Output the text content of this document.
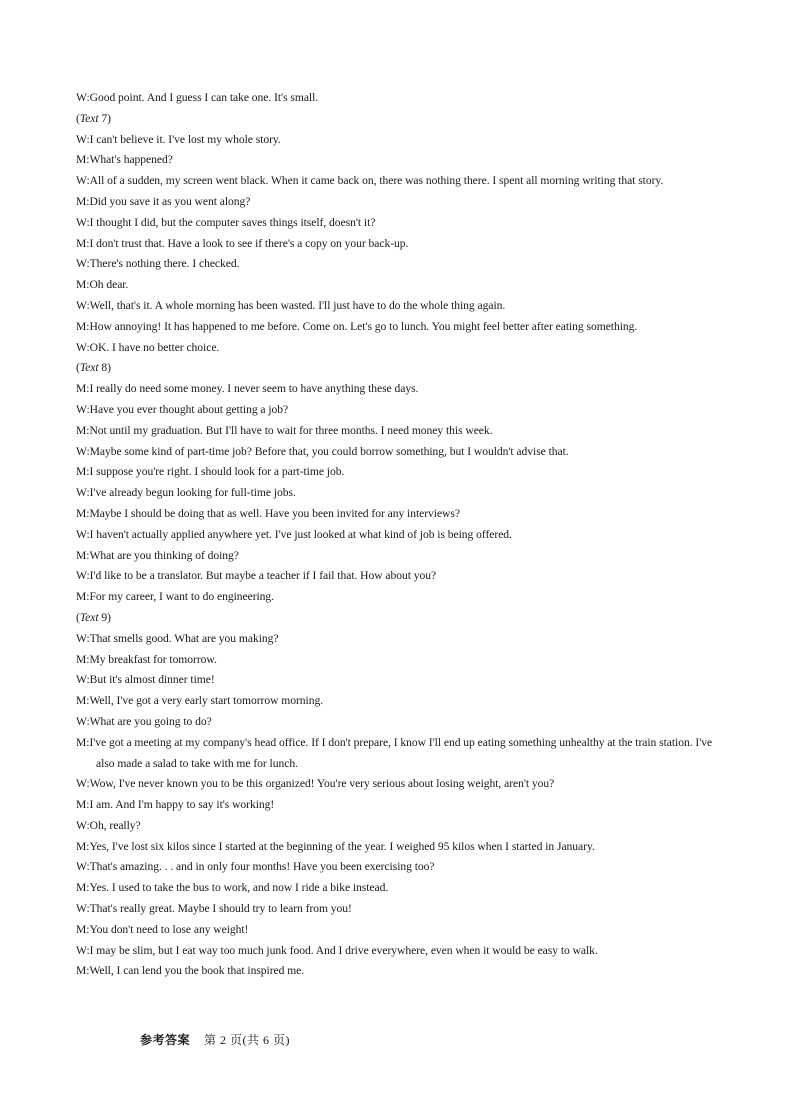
W:Good point. And I guess I can take one. It's small.
(Text 7)
W:I can't believe it. I've lost my whole story.
M:What's happened?
W:All of a sudden, my screen went black. When it came back on, there was nothing there. I spent all morning writing that story.
M:Did you save it as you went along?
W:I thought I did, but the computer saves things itself, doesn't it?
M:I don't trust that. Have a look to see if there's a copy on your back-up.
W:There's nothing there. I checked.
M:Oh dear.
W:Well, that's it. A whole morning has been wasted. I'll just have to do the whole thing again.
M:How annoying! It has happened to me before. Come on. Let's go to lunch. You might feel better after eating something.
W:OK. I have no better choice.
(Text 8)
M:I really do need some money. I never seem to have anything these days.
W:Have you ever thought about getting a job?
M:Not until my graduation. But I'll have to wait for three months. I need money this week.
W:Maybe some kind of part-time job? Before that, you could borrow something, but I wouldn't advise that.
M:I suppose you're right. I should look for a part-time job.
W:I've already begun looking for full-time jobs.
M:Maybe I should be doing that as well. Have you been invited for any interviews?
W:I haven't actually applied anywhere yet. I've just looked at what kind of job is being offered.
M:What are you thinking of doing?
W:I'd like to be a translator. But maybe a teacher if I fail that. How about you?
M:For my career, I want to do engineering.
(Text 9)
W:That smells good. What are you making?
M:My breakfast for tomorrow.
W:But it's almost dinner time!
M:Well, I've got a very early start tomorrow morning.
W:What are you going to do?
M:I've got a meeting at my company's head office. If I don't prepare, I know I'll end up eating something unhealthy at the train station. I've also made a salad to take with me for lunch.
W:Wow, I've never known you to be this organized! You're very serious about losing weight, aren't you?
M:I am. And I'm happy to say it's working!
W:Oh, really?
M:Yes, I've lost six kilos since I started at the beginning of the year. I weighed 95 kilos when I started in January.
W:That's amazing. . . and in only four months! Have you been exercising too?
M:Yes. I used to take the bus to work, and now I ride a bike instead.
W:That's really great. Maybe I should try to learn from you!
M:You don't need to lose any weight!
W:I may be slim, but I eat way too much junk food. And I drive everywhere, even when it would be easy to walk.
M:Well, I can lend you the book that inspired me.
参考答案 第 2 页(共 6 页)
